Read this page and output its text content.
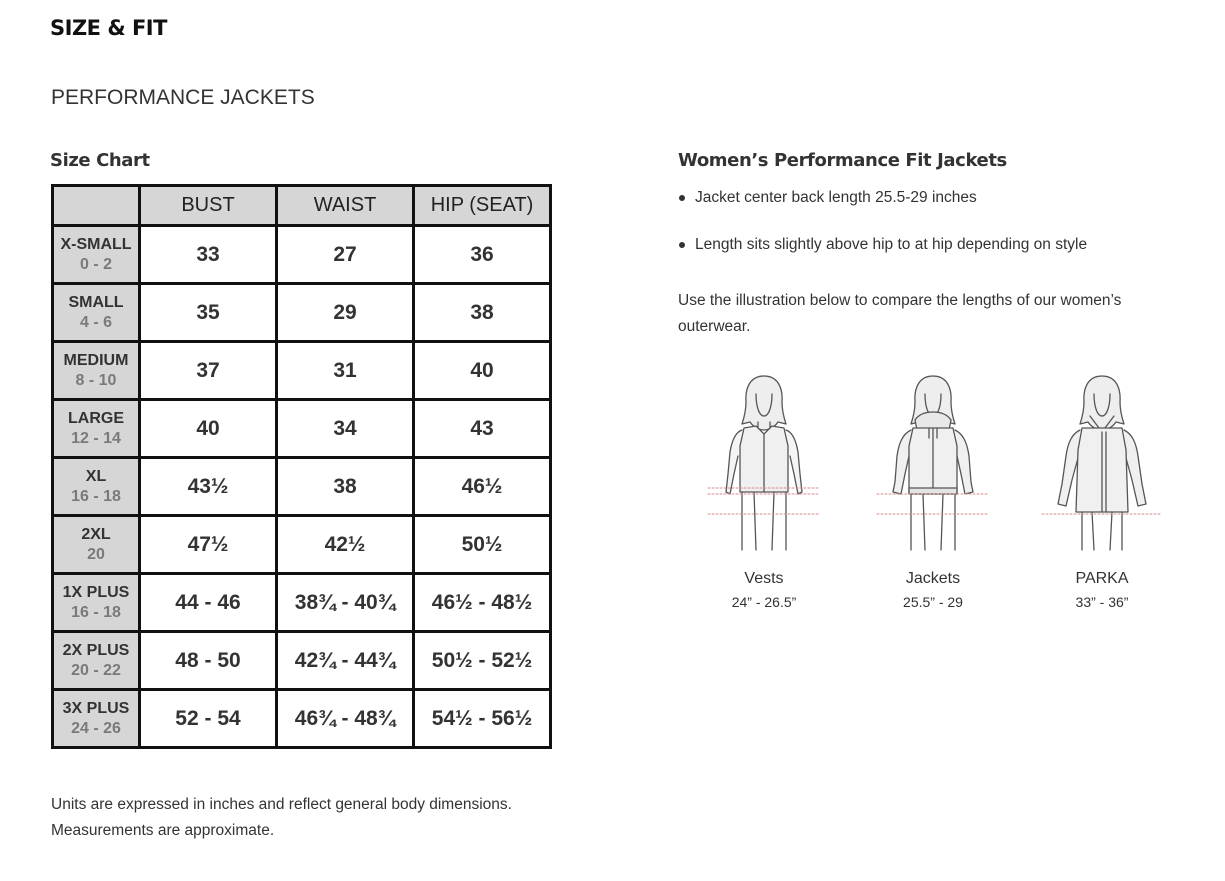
SIZE & FIT
PERFORMANCE JACKETS
Size Chart
	BUST	WAIST	HIP (SEAT)

X-SMALL
0 - 2	33	27	36

SMALL
4 - 6	35	29	38

MEDIUM
8 - 10	37	31	40

LARGE
12 - 14	40	34	43

XL
16 - 18	43½	38	46½

2XL
20	47½	42½	50½

1X PLUS
16 - 18	44 - 46	38¾ - 40¾	46½ - 48½

2X PLUS
20 - 22	48 - 50	42¾ - 44¾	50½ - 52½

3X PLUS
24 - 26	52 - 54	46¾ - 48¾	54½ - 56½

Units are expressed in inches and reflect general body dimensions.
Measurements are approximate.

Women’s Performance Fit Jackets
Jacket center back length 25.5-29 inches
Length sits slightly above hip to at hip depending on style

Use the illustration below to compare the lengths of our women’s outerwear.

Vests
24” - 26.5”
Jackets
25.5” - 29
PARKA
33” - 36”
